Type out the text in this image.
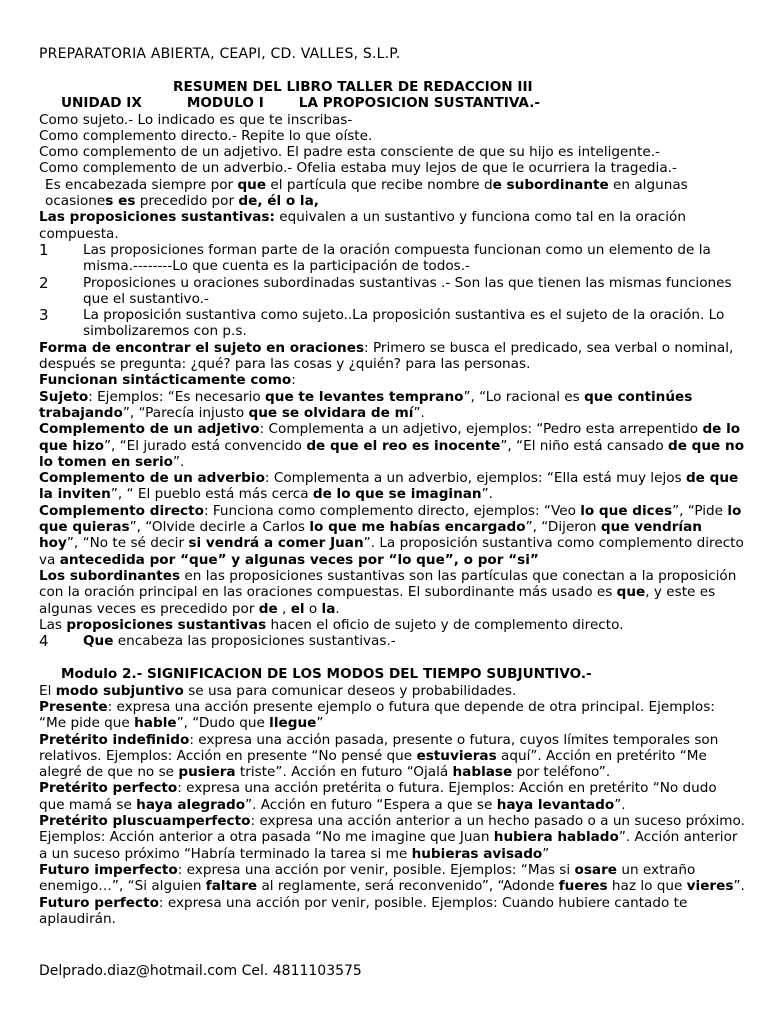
PREPARATORIA ABIERTA, CEAPI, CD. VALLES, S.L.P.

RESUMEN DEL LIBRO TALLER DE REDACCION III

UNIDAD IX	MODULO I	LA PROPOSICION SUSTANTIVA.-

Como sujeto.- Lo indicado es que te inscribas-

Como complemento directo.- Repite lo que oíste.

Como complemento de un adjetivo. El padre esta consciente de que su hijo es inteligente.-

Como complemento de un adverbio.- Ofelia estaba muy lejos de que le ocurriera la tragedia.-

Es encabezada siempre por que el partícula que recibe nombre de subordinante en algunas ocasiones es precedido por de, él o la,

Las proposiciones sustantivas: equivalen a un sustantivo y funciona como tal en la oración compuesta.

1	Las proposiciones forman parte de la oración compuesta funcionan como un elemento de la misma.--------Lo que cuenta es la participación de todos.-

2	Proposiciones u oraciones subordinadas sustantivas .- Son las que tienen las mismas funciones que el sustantivo.-

3	La proposición sustantiva como sujeto..La proposición sustantiva es el sujeto de la oración. Lo simbolizaremos con p.s.

Forma de encontrar el sujeto en oraciones: Primero se busca el predicado, sea verbal o nominal, después se pregunta: ¿qué? para las cosas y ¿quién? para las personas.

Funcionan sintácticamente como:

Sujeto: Ejemplos: “Es necesario que te levantes temprano”, “Lo racional es que continúes trabajando”, “Parecía injusto que se olvidara de mí”.

Complemento de un adjetivo: Complementa a un adjetivo, ejemplos: “Pedro esta arrepentido de lo que hizo”, “El jurado está convencido de que el reo es inocente”, “El niño está cansado de que no lo tomen en serio”.

Complemento de un adverbio: Complementa a un adverbio, ejemplos: “Ella está muy lejos de que la inviten”, “ El pueblo está más cerca de lo que se imaginan”.

Complemento directo: Funciona como complemento directo, ejemplos: “Veo lo que dices”, “Pide lo que quieras”, “Olvide decirle a Carlos lo que me habías encargado”, “Dijeron que vendrían hoy”, “No te sé decir si vendrá a comer Juan”. La proposición sustantiva como complemento directo va antecedida por “que” y algunas veces por “lo que”, o por “si”

Los subordinantes en las proposiciones sustantivas son las partículas que conectan a la proposición con la oración principal en las oraciones compuestas. El subordinante más usado es que, y este es algunas veces es precedido por de , el o la.

Las proposiciones sustantivas hacen el oficio de sujeto y de complemento directo.

4	Que encabeza las proposiciones sustantivas.-

Modulo 2.- SIGNIFICACION DE LOS MODOS DEL TIEMPO SUBJUNTIVO.-

El modo subjuntivo se usa para comunicar deseos y probabilidades.

Presente: expresa una acción presente ejemplo o futura que depende de otra principal. Ejemplos: “Me pide que hable”, “Dudo que llegue”

Pretérito indefinido: expresa una acción pasada, presente o futura, cuyos límites temporales son relativos. Ejemplos: Acción en presente “No pensé que estuvieras aquí”. Acción en pretérito “Me alegré de que no se pusiera triste”. Acción en futuro “Ojalá hablase por teléfono”.

Pretérito perfecto: expresa una acción pretérita o futura. Ejemplos: Acción en pretérito “No dudo que mamá se haya alegrado”. Acción en futuro “Espera a que se haya levantado”.

Pretérito pluscuamperfecto: expresa una acción anterior a un hecho pasado o a un suceso próximo. Ejemplos: Acción anterior a otra pasada “No me imagine que Juan hubiera hablado”. Acción anterior a un suceso próximo “Habría terminado la tarea si me hubieras avisado”

Futuro imperfecto: expresa una acción por venir, posible. Ejemplos: “Mas si osare un extraño enemigo…”, “Si alguien faltare al reglamente, será reconvenido”, “Adonde fueres haz lo que vieres”.

Futuro perfecto: expresa una acción por venir, posible. Ejemplos: Cuando hubiere cantado te aplaudirán.

Delprado.diaz@hotmail.com Cel. 4811103575
